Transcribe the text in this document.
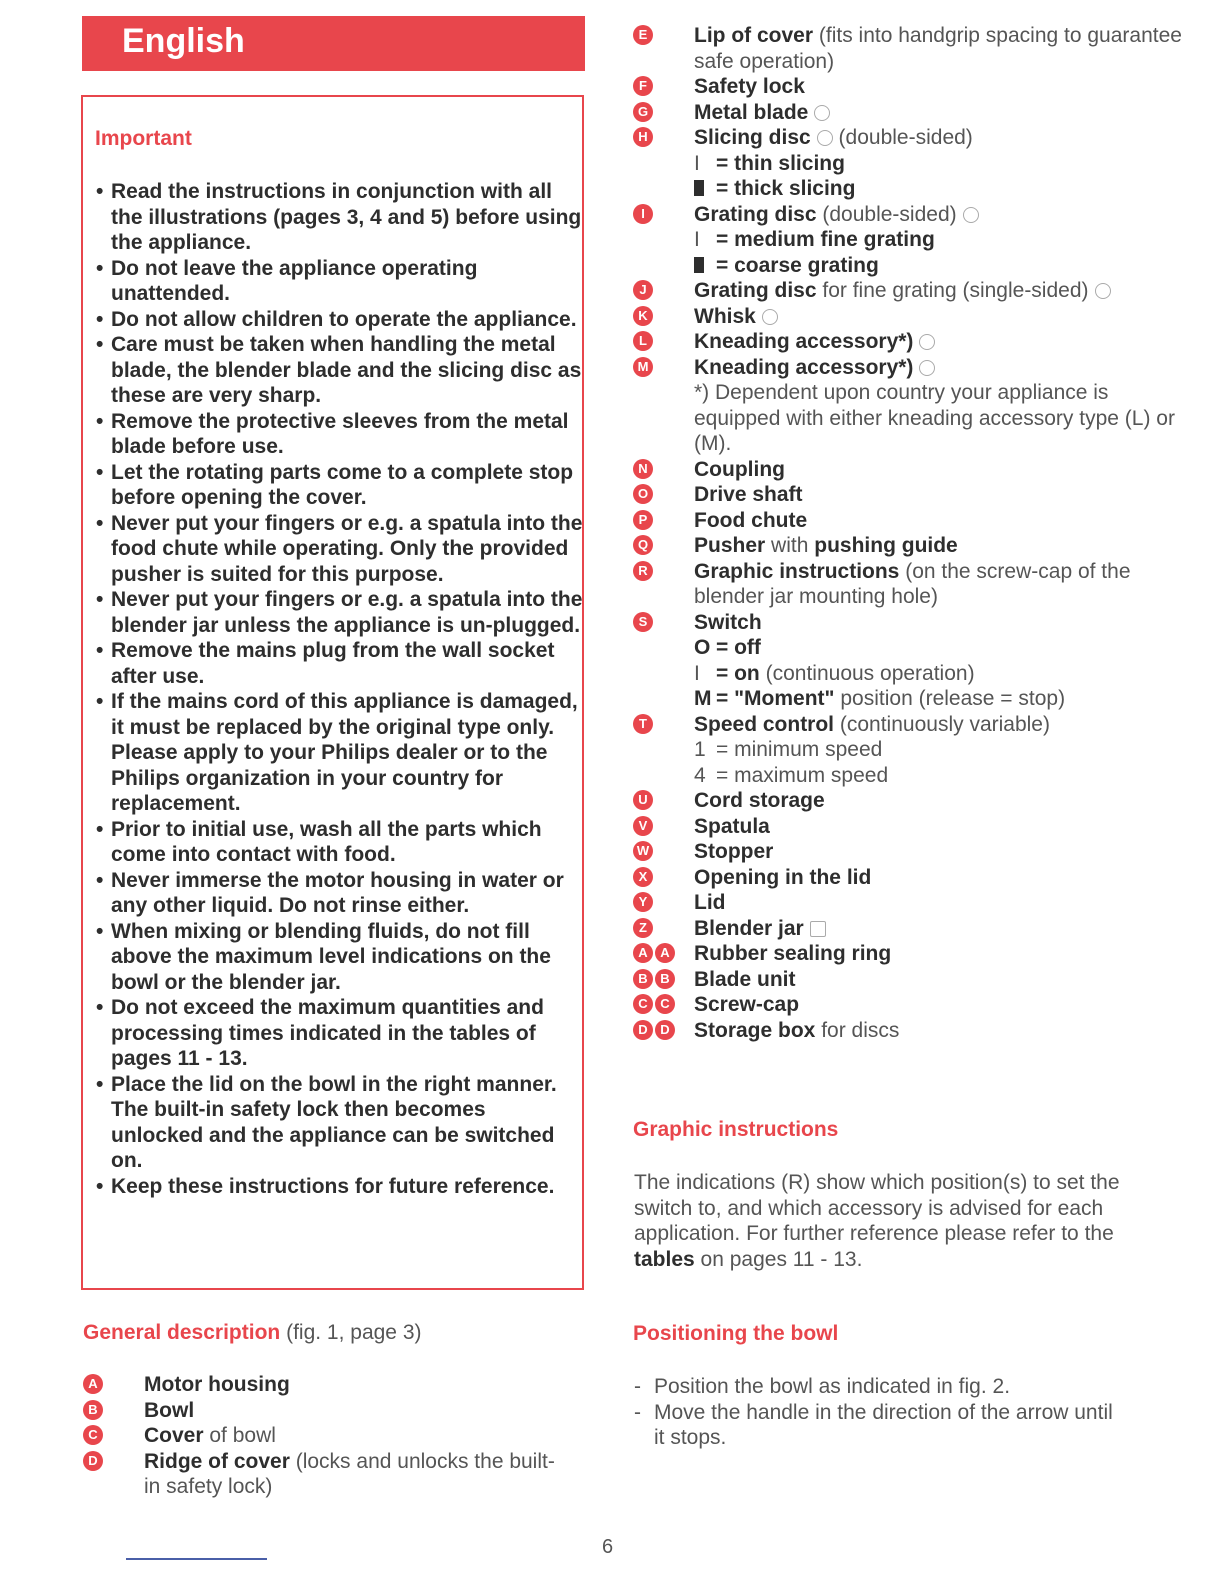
English
Important
• Read the instructions in conjunction with all the illustrations (pages 3, 4 and 5) before using the appliance.
• Do not leave the appliance operating unattended.
• Do not allow children to operate the appliance.
• Care must be taken when handling the metal blade, the blender blade and the slicing disc as these are very sharp.
• Remove the protective sleeves from the metal blade before use.
• Let the rotating parts come to a complete stop before opening the cover.
• Never put your fingers or e.g. a spatula into the food chute while operating. Only the provided pusher is suited for this purpose.
• Never put your fingers or e.g. a spatula into the blender jar unless the appliance is un-plugged.
• Remove the mains plug from the wall socket after use.
• If the mains cord of this appliance is damaged, it must be replaced by the original type only. Please apply to your Philips dealer or to the Philips organization in your country for replacement.
• Prior to initial use, wash all the parts which come into contact with food.
• Never immerse the motor housing in water or any other liquid. Do not rinse either.
• When mixing or blending fluids, do not fill above the maximum level indications on the bowl or the blender jar.
• Do not exceed the maximum quantities and processing times indicated in the tables of pages 11 - 13.
• Place the lid on the bowl in the right manner. The built-in safety lock then becomes unlocked and the appliance can be switched on.
• Keep these instructions for future reference.
General description (fig. 1, page 3)
A Motor housing
B Bowl
C Cover of bowl
D Ridge of cover (locks and unlocks the built-in safety lock)
E Lip of cover (fits into handgrip spacing to guarantee safe operation)
F Safety lock
G Metal blade
H Slicing disc (double-sided)
I = thin slicing
= thick slicing
I	Grating disc (double-sided)
I = medium fine grating
= coarse grating
J	Grating disc for fine grating (single-sided)
K Whisk
L Kneading accessory*)
M Kneading accessory*)
*) Dependent upon country your appliance is equipped with either kneading accessory type (L) or (M).
N Coupling
O Drive shaft
P Food chute
Q Pusher with pushing guide
R Graphic instructions (on the screw-cap of the blender jar mounting hole)
S Switch
O = off
I = on (continuous operation)
M = "Moment" position (release = stop)
T Speed control (continuously variable)
1 = minimum speed
4 = maximum speed
U Cord storage
V Spatula
W Stopper
X Opening in the lid
Y Lid
Z Blender jar
A A Rubber sealing ring
B B Blade unit
C C Screw-cap
D D Storage box for discs
Graphic instructions

The indications (R) show which position(s) to set the switch to, and which accessory is advised for each application. For further reference please refer to the tables on pages 11 - 13.

Positioning the bowl
- Position the bowl as indicated in fig. 2.
- Move the handle in the direction of the arrow until it stops.
6
